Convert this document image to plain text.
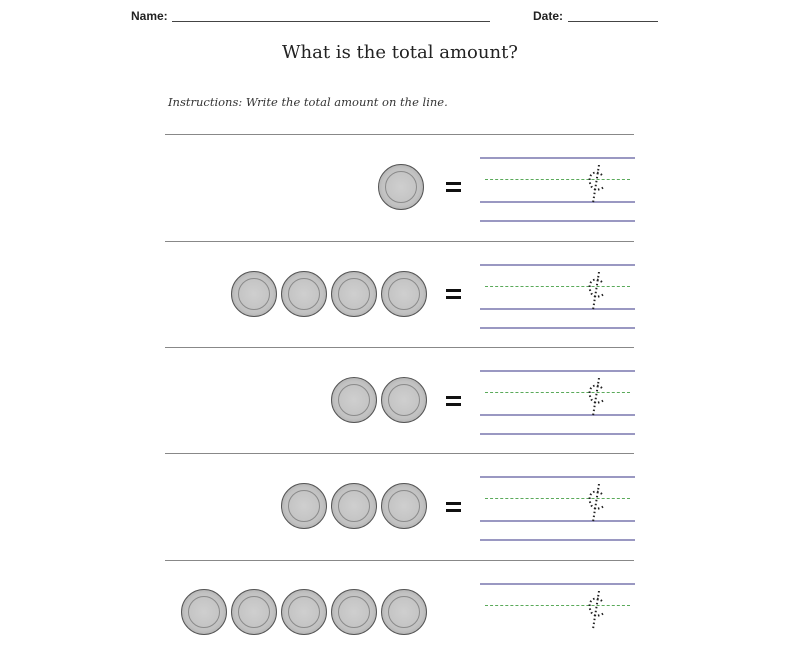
Name:	Date:
What is the total amount?
Instructions: Write the total amount on the line.
